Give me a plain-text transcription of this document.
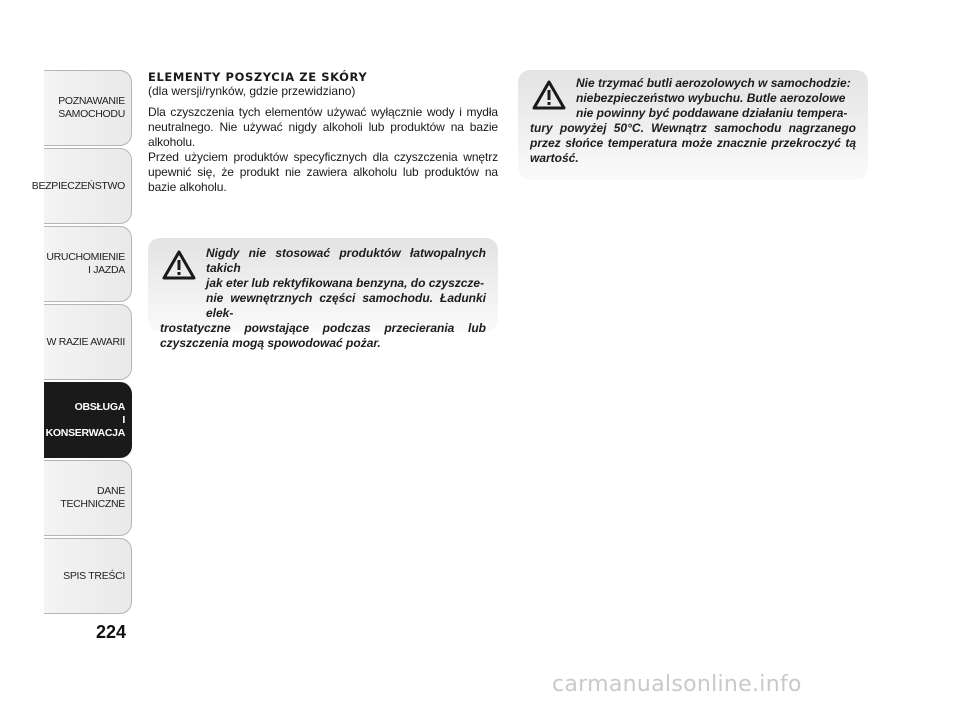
POZNAWANIE
SAMOCHODU
BEZPIECZEŃSTWO
URUCHOMIENIE
I JAZDA
W RAZIE AWARII
OBSŁUGA
I KONSERWACJA
DANE
TECHNICZNE
SPIS TREŚCI
224
ELEMENTY POSZYCIA ZE SKÓRY

(dla wersji/rynków, gdzie przewidziano)

Dla czyszczenia tych elementów używać wyłącznie wody i mydła neutralnego. Nie używać nigdy alkoholi lub produktów na bazie alkoholu.

Przed użyciem produktów specyficznych dla czyszczenia wnętrz upewnić się, że produkt nie zawiera alkoholu lub produktów na bazie alkoholu.

Nigdy nie stosować produktów łatwopalnych takich
jak eter lub rektyfikowana benzyna, do czyszcze-
nie wewnętrznych części samochodu. Ładunki elek-
trostatyczne powstające podczas przecierania lub czyszczenia mogą spowodować pożar.

Nie trzymać butli aerozolowych w samochodzie:
niebezpieczeństwo wybuchu. Butle aerozolowe
nie powinny być poddawane działaniu tempera-
tury powyżej 50°C. Wewnątrz samochodu nagrzanego przez słońce temperatura może znacznie przekroczyć tą wartość.

carmanualsonline.info
